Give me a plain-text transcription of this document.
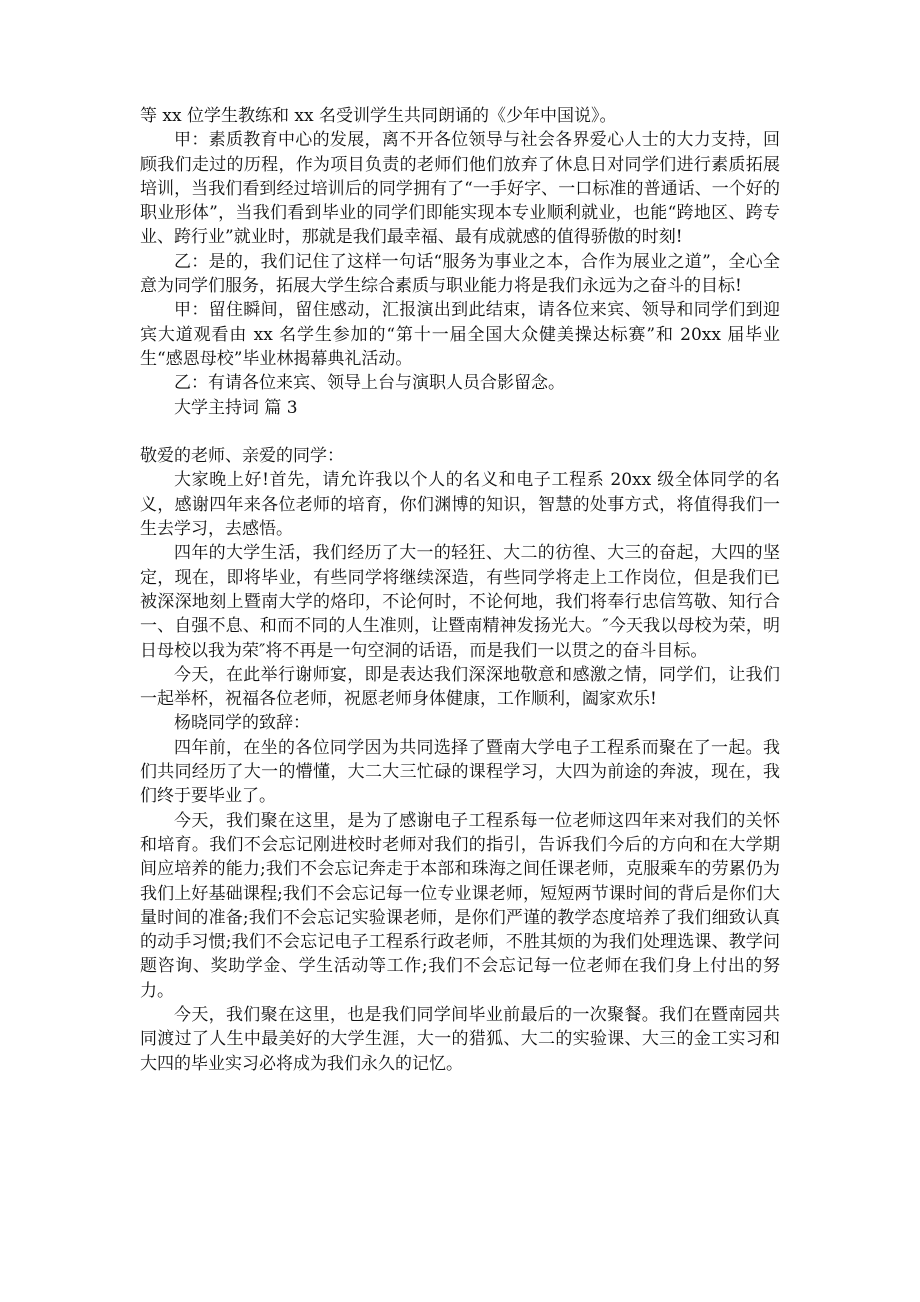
等 xx 位学生教练和 xx 名受训学生共同朗诵的《少年中国说》。

甲：素质教育中心的发展，离不开各位领导与社会各界爱心人士的大力支持，回顾我们走过的历程，作为项目负责的老师们他们放弃了休息日对同学们进行素质拓展培训，当我们看到经过培训后的同学拥有了“一手好字、一口标准的普通话、一个好的职业形体”，当我们看到毕业的同学们即能实现本专业顺利就业，也能“跨地区、跨专业、跨行业”就业时，那就是我们最幸福、最有成就感的值得骄傲的时刻!

乙：是的，我们记住了这样一句话“服务为事业之本，合作为展业之道”，全心全意为同学们服务，拓展大学生综合素质与职业能力将是我们永远为之奋斗的目标!

甲：留住瞬间，留住感动，汇报演出到此结束，请各位来宾、领导和同学们到迎宾大道观看由 xx 名学生参加的“第十一届全国大众健美操达标赛”和 20xx 届毕业生“感恩母校”毕业林揭幕典礼活动。

乙：有请各位来宾、领导上台与演职人员合影留念。

大学主持词 篇 3

敬爱的老师、亲爱的同学：

大家晚上好!首先，请允许我以个人的名义和电子工程系 20xx 级全体同学的名义，感谢四年来各位老师的培育，你们渊博的知识，智慧的处事方式，将值得我们一生去学习，去感悟。

四年的大学生活，我们经历了大一的轻狂、大二的彷徨、大三的奋起，大四的坚定，现在，即将毕业，有些同学将继续深造，有些同学将走上工作岗位，但是我们已被深深地刻上暨南大学的烙印，不论何时，不论何地，我们将奉行忠信笃敬、知行合一、自强不息、和而不同的人生准则，让暨南精神发扬光大。″今天我以母校为荣，明日母校以我为荣″将不再是一句空洞的话语，而是我们一以贯之的奋斗目标。

今天，在此举行谢师宴，即是表达我们深深地敬意和感激之情，同学们，让我们一起举杯，祝福各位老师，祝愿老师身体健康，工作顺利，阖家欢乐!

杨晓同学的致辞：

四年前，在坐的各位同学因为共同选择了暨南大学电子工程系而聚在了一起。我们共同经历了大一的懵懂，大二大三忙碌的课程学习，大四为前途的奔波，现在，我们终于要毕业了。

今天，我们聚在这里，是为了感谢电子工程系每一位老师这四年来对我们的关怀和培育。我们不会忘记刚进校时老师对我们的指引，告诉我们今后的方向和在大学期间应培养的能力;我们不会忘记奔走于本部和珠海之间任课老师，克服乘车的劳累仍为我们上好基础课程;我们不会忘记每一位专业课老师，短短两节课时间的背后是你们大量时间的准备;我们不会忘记实验课老师，是你们严谨的教学态度培养了我们细致认真的动手习惯;我们不会忘记电子工程系行政老师，不胜其烦的为我们处理选课、教学问题咨询、奖助学金、学生活动等工作;我们不会忘记每一位老师在我们身上付出的努力。

今天，我们聚在这里，也是我们同学间毕业前最后的一次聚餐。我们在暨南园共同渡过了人生中最美好的大学生涯，大一的猎狐、大二的实验课、大三的金工实习和大四的毕业实习必将成为我们永久的记忆。
